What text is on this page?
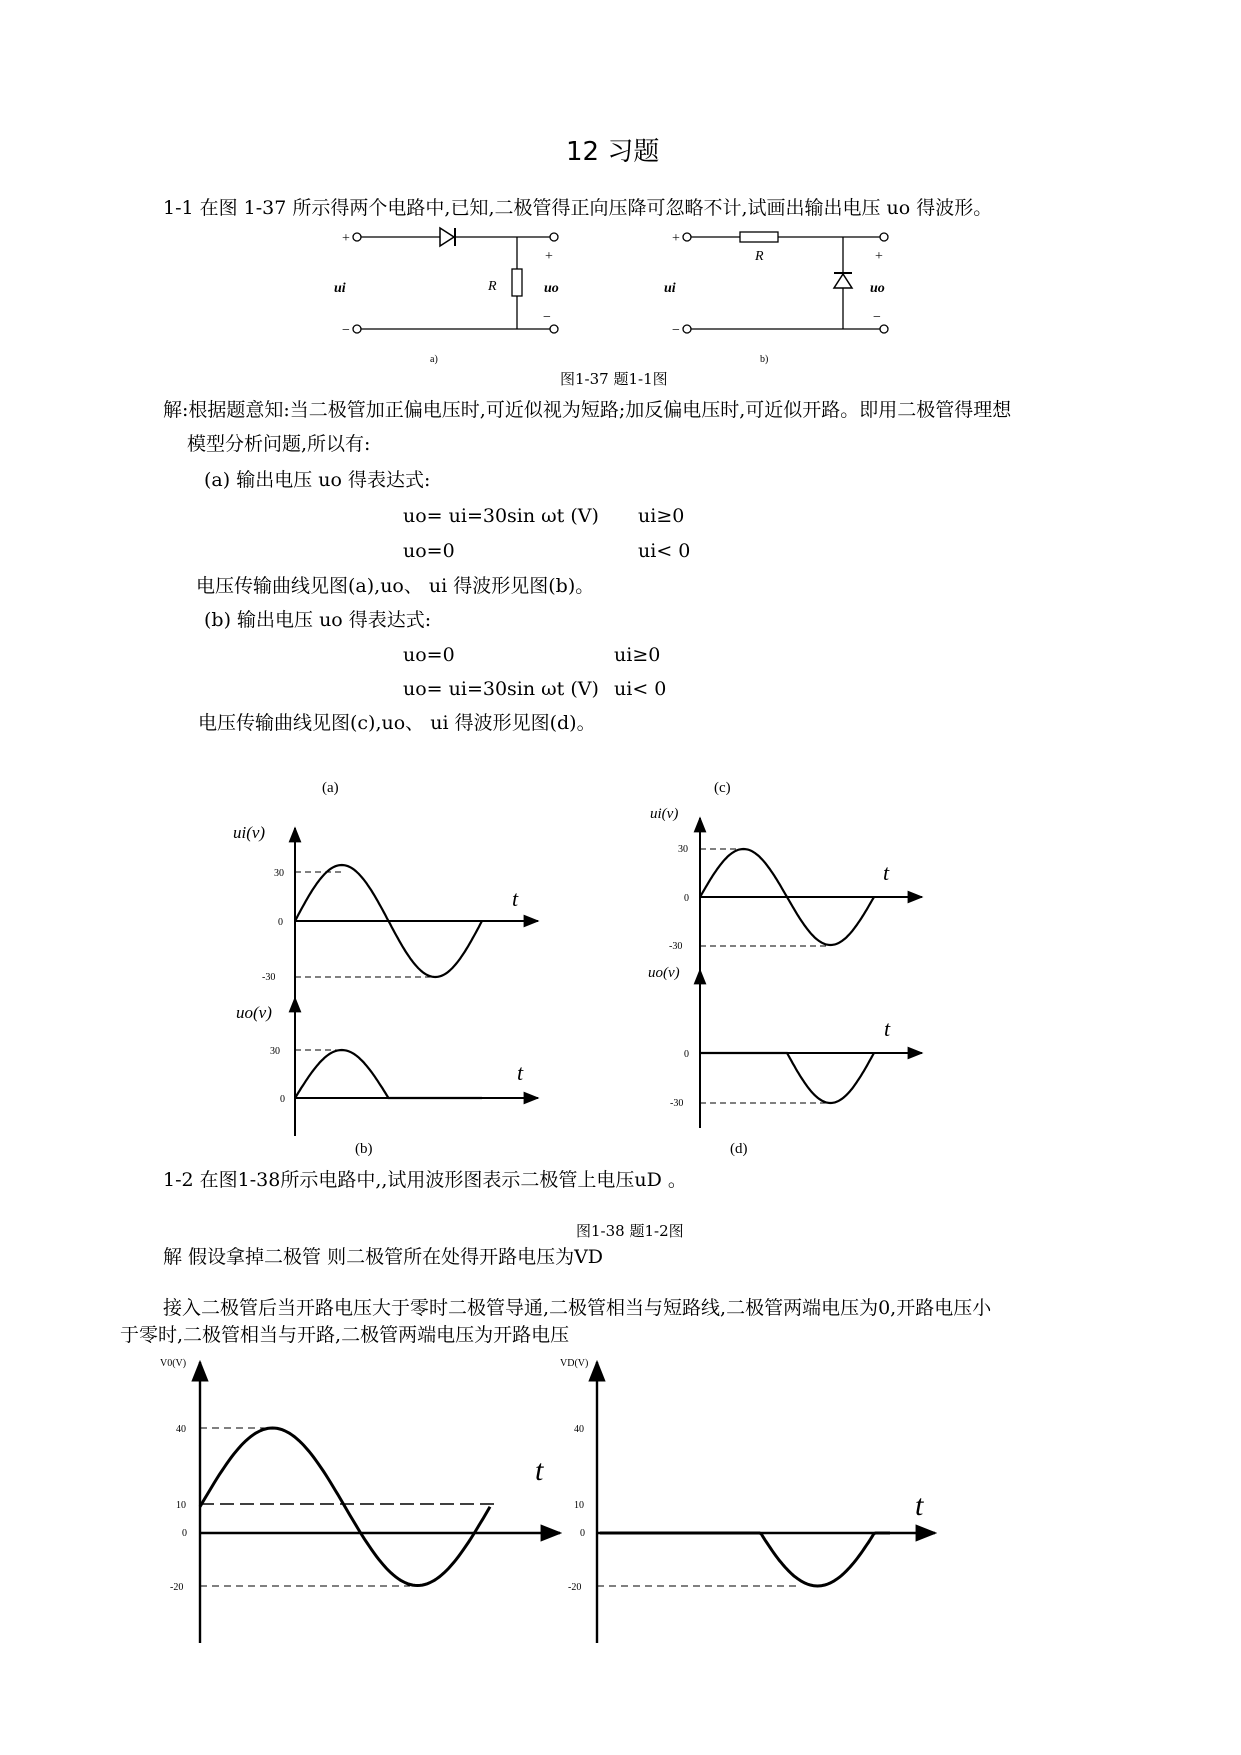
12 习题
1-1 在图 1-37 所示得两个电路中,已知,二极管得正向压降可忽略不计,试画出输出电压 uo 得波形。
+
+
R
ui	uo
−
−
a)
+
R	+
ui	uo
−
−
b)
图1-37 题1-1图
解:根据题意知:当二极管加正偏电压时,可近似视为短路;加反偏电压时,可近似开路。即用二极管得理想
模型分析问题,所以有:
(a) 输出电压 uo 得表达式:
uo= ui=30sin ωt (V) ui≥0
uo=0	ui< 0
电压传输曲线见图(a),uo、 ui 得波形见图(b)。
(b) 输出电压 uo 得表达式:
uo=0	ui≥0
uo= ui=30sin ωt (V) ui< 0
电压传输曲线见图(c),uo、 ui 得波形见图(d)。
(a)
(b)
(c)
(d)
ui(v)
t
30
0
-30
uo(v)
t
30
0
ui(v)
t
30
0
-30
uo(v)
t
0
-30
1-2 在图1-38所示电路中,,试用波形图表示二极管上电压uD 。
图1-38 题1-2图
解 假设拿掉二极管 则二极管所在处得开路电压为VD
接入二极管后当开路电压大于零时二极管导通,二极管相当与短路线,二极管两端电压为0,开路电压小
于零时,二极管相当与开路,二极管两端电压为开路电压
V0(V)
t
40
10
0
-20
VD(V)
t
40
10
0
-20
